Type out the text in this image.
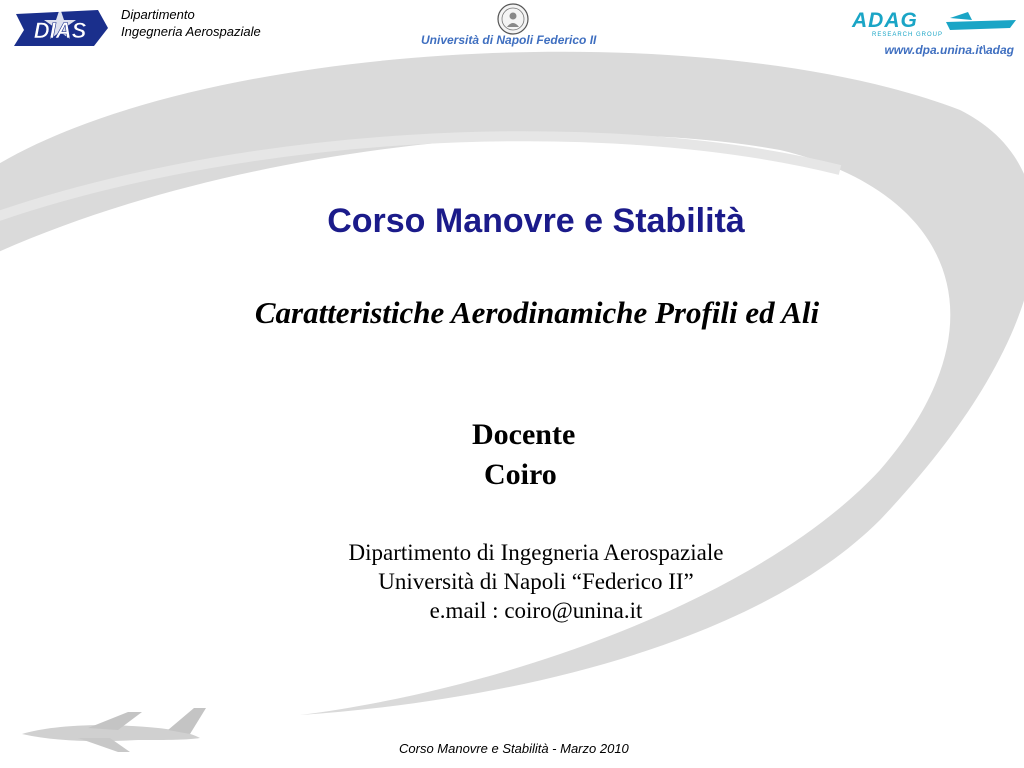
DIAS
Dipartimento
Ingegneria Aerospaziale
Università di Napoli Federico II
ADAG
RESEARCH GROUP
www.dpa.unina.it\adag
Corso Manovre e Stabilità
Caratteristiche Aerodinamiche Profili ed Ali
Docente
Coiro
Dipartimento di Ingegneria Aerospaziale
Università di Napoli “Federico II”
e.mail : coiro@unina.it
Corso Manovre e Stabilità - Marzo 2010
